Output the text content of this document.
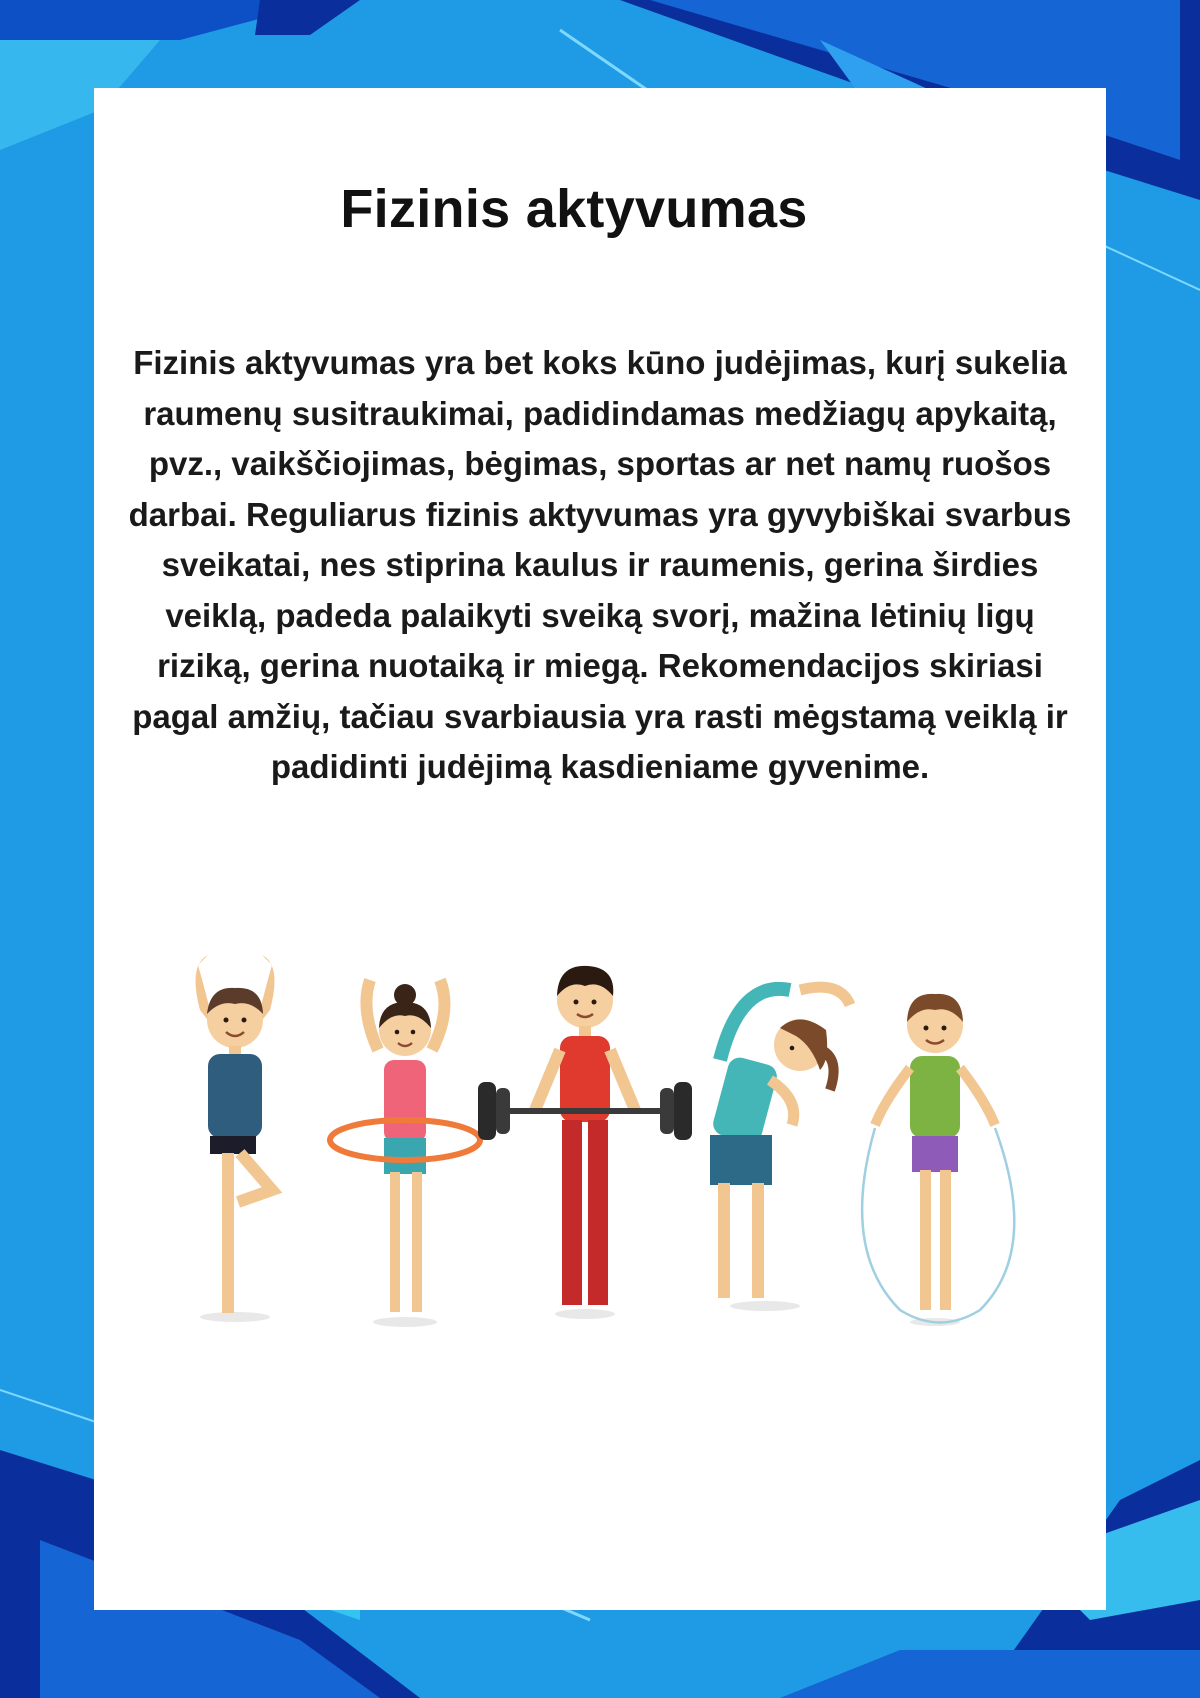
Fizinis aktyvumas

Fizinis aktyvumas yra bet koks kūno judėjimas, kurį sukelia raumenų susitraukimai, padidindamas medžiagų apykaitą, pvz., vaikščiojimas, bėgimas, sportas ar net namų ruošos darbai. Reguliarus fizinis aktyvumas yra gyvybiškai svarbus sveikatai, nes stiprina kaulus ir raumenis, gerina širdies veiklą, padeda palaikyti sveiką svorį, mažina lėtinių ligų riziką, gerina nuotaiką ir miegą. Rekomendacijos skiriasi pagal amžių, tačiau svarbiausia yra rasti mėgstamą veiklą ir padidinti judėjimą kasdieniame gyvenime.
